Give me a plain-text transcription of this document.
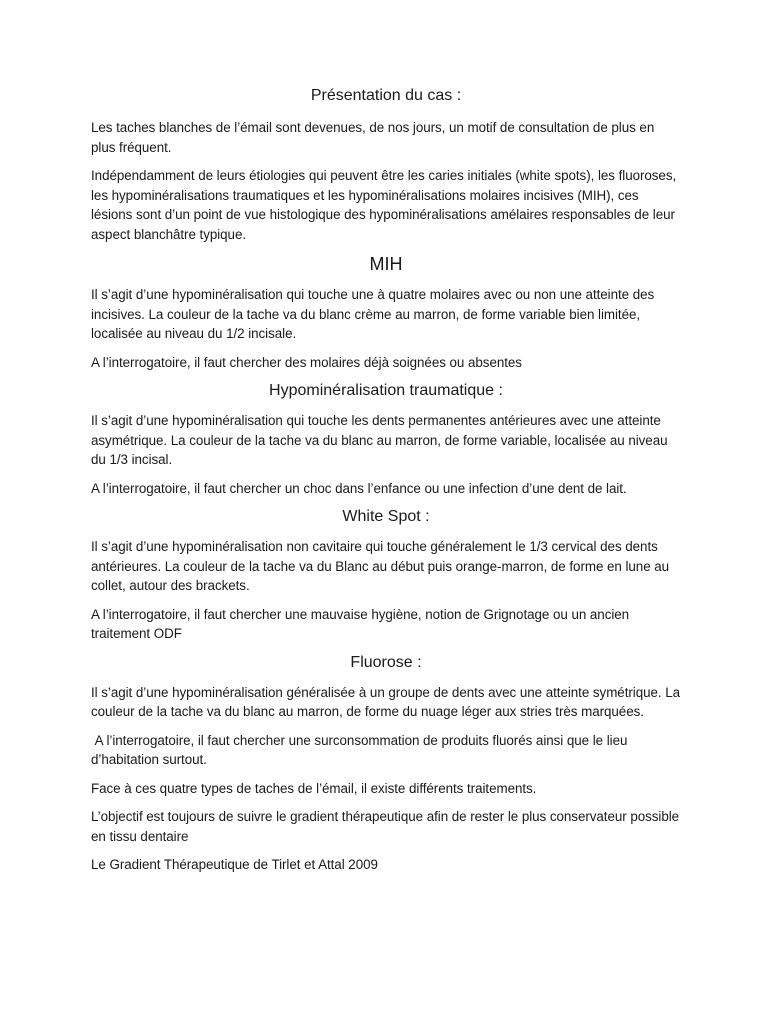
Présentation du cas :

Les taches blanches de l’émail sont devenues, de nos jours, un motif de consultation de plus en plus fréquent.

Indépendamment de leurs étiologies qui peuvent être les caries initiales (white spots), les fluoroses, les hypominéralisations traumatiques et les hypominéralisations molaires incisives (MIH), ces lésions sont d’un point de vue histologique des hypominéralisations amélaires responsables de leur aspect blanchâtre typique.

MIH

Il s’agit d’une hypominéralisation qui touche une à quatre molaires avec ou non une atteinte des incisives. La couleur de la tache va du blanc crème au marron, de forme variable bien limitée, localisée au niveau du 1/2 incisale.

A l’interrogatoire, il faut chercher des molaires déjà soignées ou absentes

Hypominéralisation traumatique :

Il s’agit d’une hypominéralisation qui touche les dents permanentes antérieures avec une atteinte asymétrique. La couleur de la tache va du blanc au marron, de forme variable, localisée au niveau du 1/3 incisal.

A l’interrogatoire, il faut chercher un choc dans l’enfance ou une infection d’une dent de lait.

White Spot :

Il s’agit d’une hypominéralisation non cavitaire qui touche généralement le 1/3 cervical des dents antérieures. La couleur de la tache va du Blanc au début puis orange-marron, de forme en lune au collet, autour des brackets.

A l’interrogatoire, il faut chercher une mauvaise hygiène, notion de Grignotage ou un ancien traitement ODF

Fluorose :

Il s’agit d’une hypominéralisation généralisée à un groupe de dents avec une atteinte symétrique. La couleur de la tache va du blanc au marron, de forme du nuage léger aux stries très marquées.

A l’interrogatoire, il faut chercher une surconsommation de produits fluorés ainsi que le lieu d’habitation surtout.

Face à ces quatre types de taches de l’émail, il existe différents traitements.

L’objectif est toujours de suivre le gradient thérapeutique afin de rester le plus conservateur possible en tissu dentaire

Le Gradient Thérapeutique de Tirlet et Attal 2009
